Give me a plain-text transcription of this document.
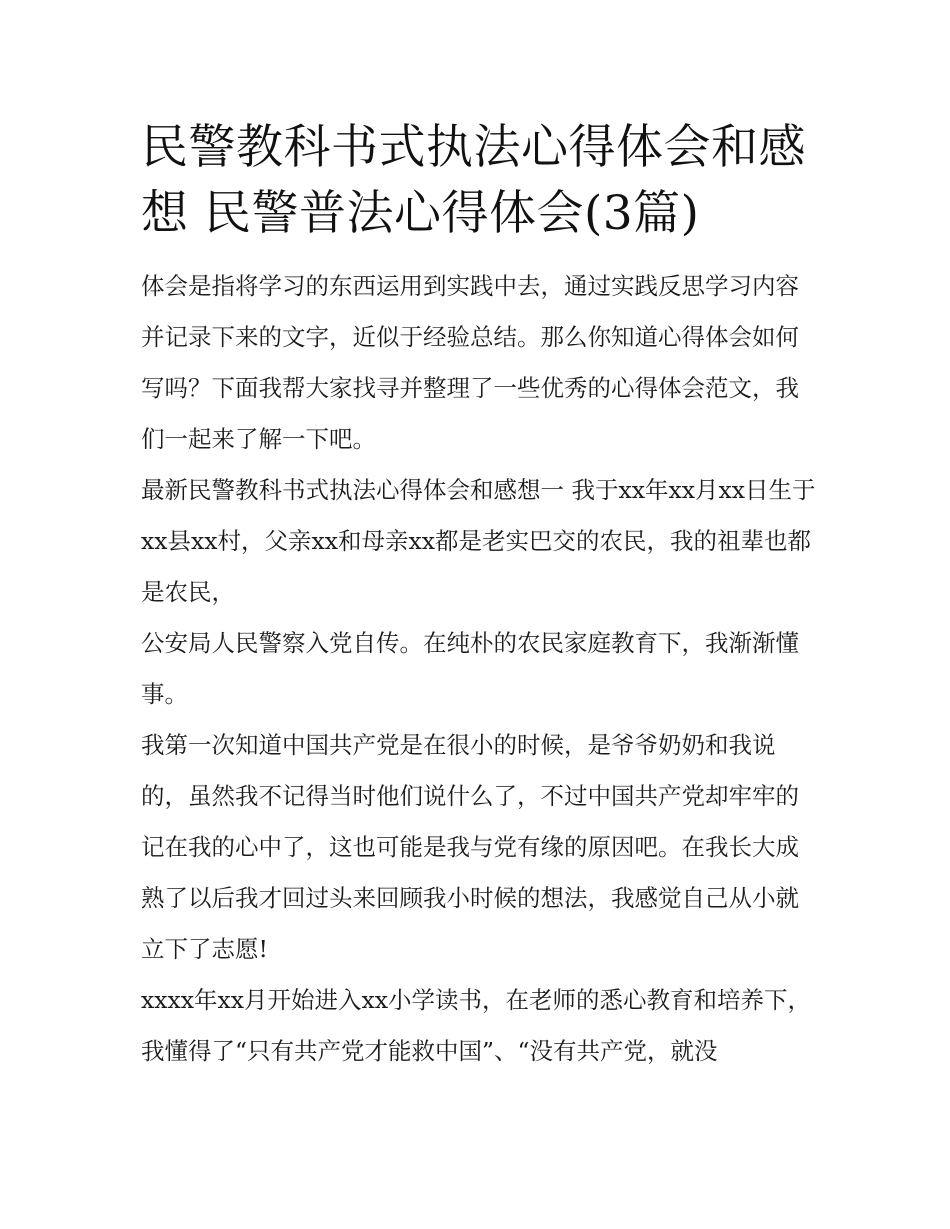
民警教科书式执法心得体会和感想 民警普法心得体会(3篇)

体会是指将学习的东西运用到实践中去，通过实践反思学习内容并记录下来的文字，近似于经验总结。那么你知道心得体会如何写吗？下面我帮大家找寻并整理了一些优秀的心得体会范文，我们一起来了解一下吧。

最新民警教科书式执法心得体会和感想一 我于xx年xx月xx日生于xx县xx村，父亲xx和母亲xx都是老实巴交的农民，我的祖辈也都是农民，

公安局人民警察入党自传。在纯朴的农民家庭教育下，我渐渐懂事。

我第一次知道中国共产党是在很小的时候，是爷爷奶奶和我说的，虽然我不记得当时他们说什么了，不过中国共产党却牢牢的记在我的心中了，这也可能是我与党有缘的原因吧。在我长大成熟了以后我才回过头来回顾我小时候的想法，我感觉自己从小就立下了志愿!

xxxx年xx月开始进入xx小学读书，在老师的悉心教育和培养下，我懂得了“只有共产党才能救中国”、“没有共产党，就没
